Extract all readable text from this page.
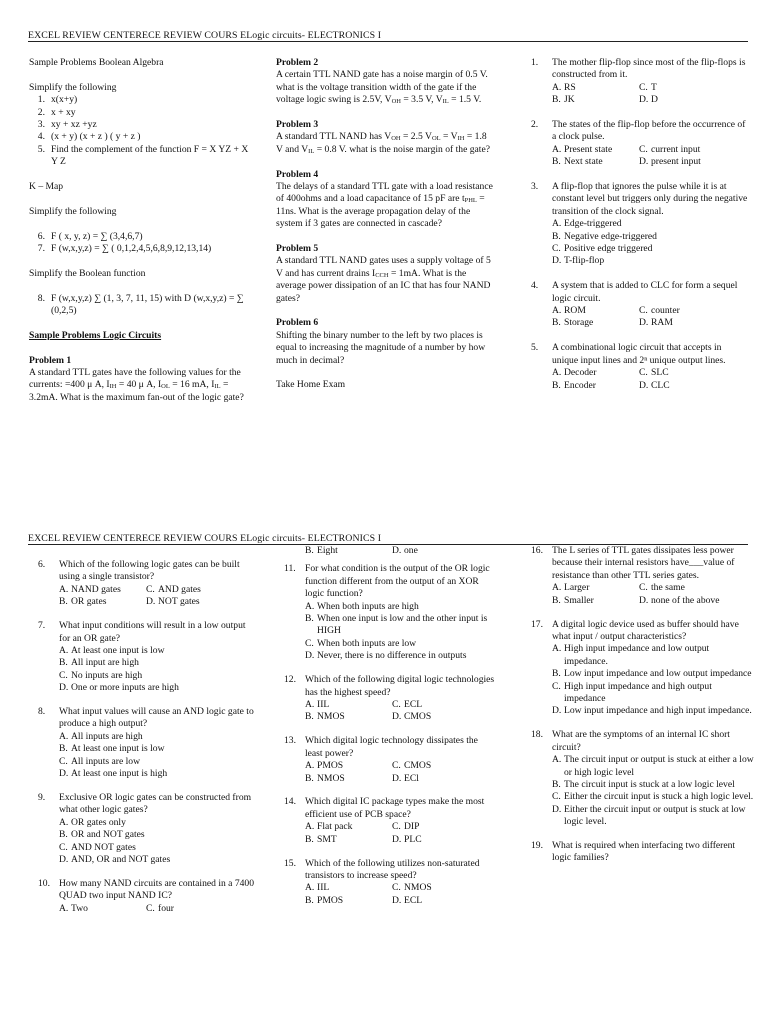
EXCEL REVIEW CENTERECE REVIEW COURS ELogic circuits- ELECTRONICS I

Sample Problems Boolean Algebra

Simplify the following

1. x(x+y)
2. x + xy
3. xy + xz +yz
4. (x + y) (x + z ) ( y + z )
5. Find the complement of the function F = X YZ + X Y Z

K – Map

Simplify the following

6. F ( x, y, z) = ∑ (3,4,6,7)
7. F (w,x,y,z) = ∑ ( 0,1,2,4,5,6,8,9,12,13,14)

Simplify the Boolean function

8. F (w,x,y,z) ∑ (1, 3, 7, 11, 15) with D (w,x,y,z) = ∑ (0,2,5)

Sample Problems Logic Circuits

Problem 1

A standard TTL gates have the following values for the currents: =400 μ A, $I_{IH} = 40$ μ A, $I_{OL} = 16$ mA, $I_{IL} = 3.2mA$. What is the maximum fan-out of the logic gate?

Problem 2

A certain TTL NAND gate has a noise margin of 0.5 V. what is the voltage transition width of the gate if the voltage logic swing is 2.5V, $V_{OH} = 3.5$ V, $V_{IL} = 1.5$ V.

Problem 3

A standard TTL NAND has $V_{OH} = 2.5$ $V_{OL} = V_{IH} = 1.8$ V and $V_{IL} = 0.8$ V. what is the noise margin of the gate?

Problem 4

The delays of a standard TTL gate with a load resistance of 400ohms and a load capacitance of 15 pF are $t_{PHL} = 11ns$. What is the average propagation delay of the system if 3 gates are connected in cascade?

Problem 5

A standard TTL NAND gates uses a supply voltage of 5 V and has current drains $I_{CCH} = 1mA$. What is the average power dissipation of an IC that has four NAND gates?

Problem 6

Shifting the binary number to the left by two places is equal to increasing the magnitude of a number by how much in decimal?

Take Home Exam

1.	The mother flip-flop since most of the flip-flops is constructed from it.
A. RS	C. T
B. JK	D. D
2.	The states of the flip-flop before the occurrence of a clock pulse.
A. Present state	C. current input
B. Next state	D. present input
3.	A flip-flop that ignores the pulse while it is at constant level but triggers only during the negative transition of the clock signal.
A. Edge-triggered
B. Negative edge-triggered
C. Positive edge triggered
D. T-flip-flop
4.	A system that is added to CLC for form a sequel logic circuit.
A. ROM	C. counter
B. Storage	D. RAM
5.	A combinational logic circuit that accepts in unique input lines and 2ⁿ unique output lines.
A. Decoder	C. SLC
B. Encoder	D. CLC
EXCEL REVIEW CENTERECE REVIEW COURS ELogic circuits- ELECTRONICS I
6.	Which of the following logic gates can be built using a single transistor?
A. NAND gates	C. AND gates
B. OR gates	D. NOT gates
7.	What input conditions will result in a low output for an OR gate?
A. At least one input is low
B. All input are high
C. No inputs are high
D. One or more inputs are high
8.	What input values will cause an AND logic gate to produce a high output?
A. All inputs are high
B. At least one input is low
C. All inputs are low
D. At least one input is high
9.	Exclusive OR logic gates can be constructed from what other logic gates?
A. OR gates only
B. OR and NOT gates
C. AND NOT gates
D. AND, OR and NOT gates
10. How many NAND circuits are contained in a 7400 QUAD two input NAND IC?
A. Two	C. four
B. Eight	D. one
11. For what condition is the output of the OR logic function different from the output of an XOR logic function?
A. When both inputs are high
B. When one input is low and the other input is HIGH
C. When both inputs are low
D. Never, there is no difference in outputs
12. Which of the following digital logic technologies has the highest speed?
A. IIL	C. ECL
B. NMOS	D. CMOS
13. Which digital logic technology dissipates the least power?
A. PMOS	C. CMOS
B. NMOS	D. ECl
14. Which digital IC package types make the most efficient use of PCB space?
A. Flat pack	C. DIP
B. SMT	D. PLC
15. Which of the following utilizes non-saturated transistors to increase speed?
A. IIL	C. NMOS
B. PMOS	D. ECL
16. The L series of TTL gates dissipates less power because their internal resistors have___value of resistance than other TTL series gates.
A. Larger	C. the same
B. Smaller	D. none of the above
17. A digital logic device used as buffer should have what input / output characteristics?
A. High input impedance and low output impedance.
B. Low input impedance and low output impedance
C. High input impedance and high output impedance
D. Low input impedance and high input impedance.
18. What are the symptoms of an internal IC short circuit?
A. The circuit input or output is stuck at either a low or high logic level
B. The circuit input is stuck at a low logic level
C. Either the circuit input is stuck a high logic level.
D. Either the circuit input or output is stuck at low logic level.
19. What is required when interfacing two different logic families?
